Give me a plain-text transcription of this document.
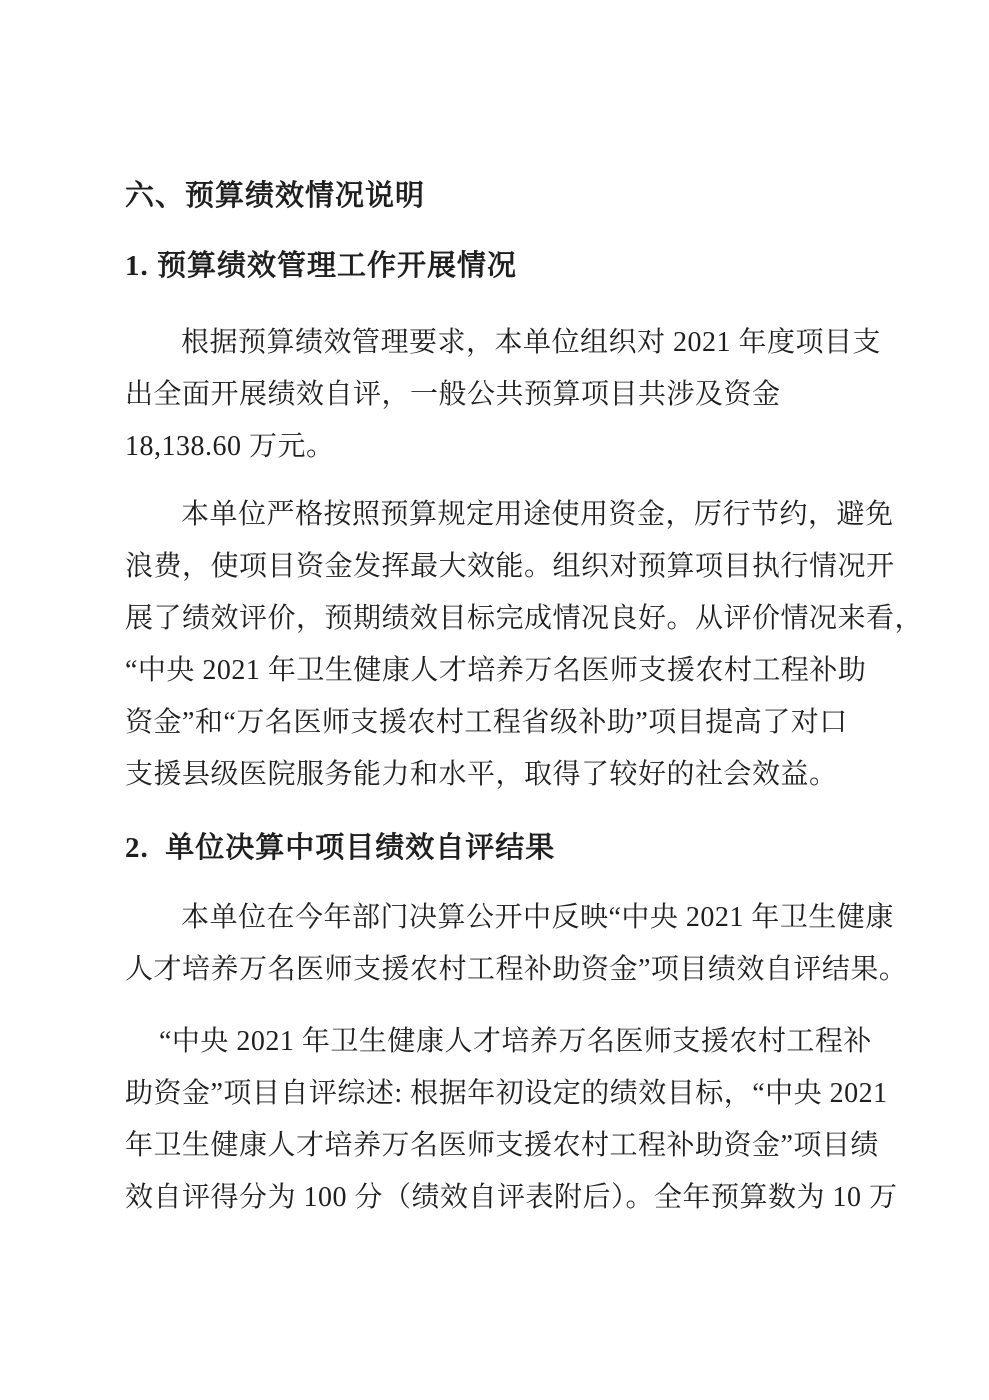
六、预算绩效情况说明
1. 预算绩效管理工作开展情况
根据预算绩效管理要求，本单位组织对 2021 年度项目支
出全面开展绩效自评，一般公共预算项目共涉及资金
18,138.60 万元。
本单位严格按照预算规定用途使用资金，厉行节约，避免
浪费，使项目资金发挥最大效能。组织对预算项目执行情况开
展了绩效评价，预期绩效目标完成情况良好。从评价情况来看，
“中央 2021 年卫生健康人才培养万名医师支援农村工程补助
资金”和“万名医师支援农村工程省级补助”项目提高了对口
支援县级医院服务能力和水平，取得了较好的社会效益。
2.  单位决算中项目绩效自评结果
本单位在今年部门决算公开中反映“中央 2021 年卫生健康
人才培养万名医师支援农村工程补助资金”项目绩效自评结果。
“中央 2021 年卫生健康人才培养万名医师支援农村工程补
助资金”项目自评综述: 根据年初设定的绩效目标，“中央 2021
年卫生健康人才培养万名医师支援农村工程补助资金”项目绩
效自评得分为 100 分（绩效自评表附后）。全年预算数为 10 万
